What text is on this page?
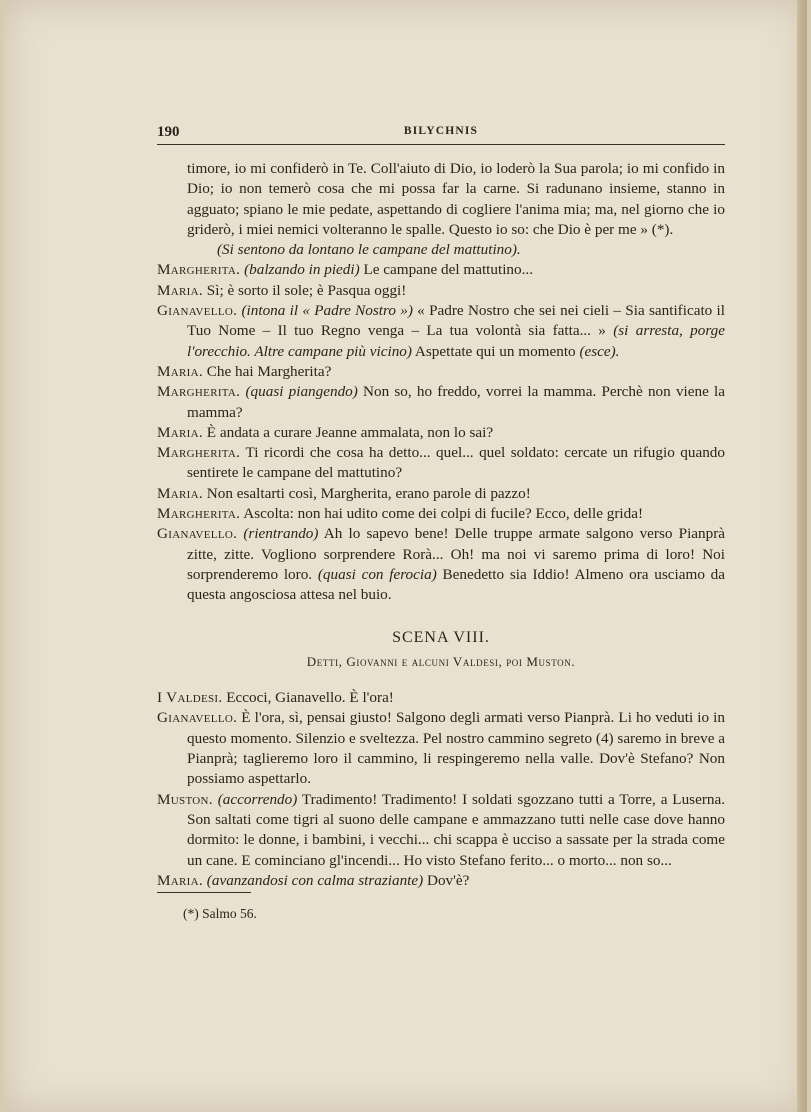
190	BILYCHNIS
timore, io mi confiderò in Te. Coll'aiuto di Dio, io loderò la Sua parola; io mi confido in Dio; io non temerò cosa che mi possa far la carne. Si radunano insieme, stanno in agguato; spiano le mie pedate, aspettando di cogliere l'anima mia; ma, nel giorno che io griderò, i miei nemici volteranno le spalle. Questo io so: che Dio è per me » (*).
(Si sentono da lontano le campane del mattutino).
Margherita. (balzando in piedi) Le campane del mattutino...
Maria. Sì; è sorto il sole; è Pasqua oggi!
Gianavello. (intona il « Padre Nostro ») « Padre Nostro che sei nei cieli – Sia santificato il Tuo Nome – Il tuo Regno venga – La tua volontà sia fatta... » (si arresta, porge l'orecchio. Altre campane più vicino) Aspettate qui un momento (esce).
Maria. Che hai Margherita?
Margherita. (quasi piangendo) Non so, ho freddo, vorrei la mamma. Perchè non viene la mamma?
Maria. È andata a curare Jeanne ammalata, non lo sai?
Margherita. Ti ricordi che cosa ha detto... quel... quel soldato: cercate un rifugio quando sentirete le campane del mattutino?
Maria. Non esaltarti così, Margherita, erano parole di pazzo!
Margherita. Ascolta: non hai udito come dei colpi di fucile? Ecco, delle grida!
Gianavello. (rientrando) Ah lo sapevo bene! Delle truppe armate salgono verso Pianprà zitte, zitte. Vogliono sorprendere Rorà... Oh! ma noi vi saremo prima di loro! Noi sorprenderemo loro. (quasi con ferocia) Benedetto sia Iddio! Almeno ora usciamo da questa angosciosa attesa nel buio.
SCENA VIII.
Detti, Giovanni e alcuni Valdesi, poi Muston.
I Valdesi. Eccoci, Gianavello. È l'ora!
Gianavello. È l'ora, sì, pensai giusto! Salgono degli armati verso Pianprà. Li ho veduti io in questo momento. Silenzio e sveltezza. Pel nostro cammino segreto (4) saremo in breve a Pianprà; taglieremo loro il cammino, li respingeremo nella valle. Dov'è Stefano? Non possiamo aspettarlo.
Muston. (accorrendo) Tradimento! Tradimento! I soldati sgozzano tutti a Torre, a Luserna. Son saltati come tigri al suono delle campane e ammazzano tutti nelle case dove hanno dormito: le donne, i bambini, i vecchi... chi scappa è ucciso a sassate per la strada come un cane. E cominciano gl'incendi... Ho visto Stefano ferito... o morto... non so...
Maria. (avanzandosi con calma straziante) Dov'è?
(*) Salmo 56.
